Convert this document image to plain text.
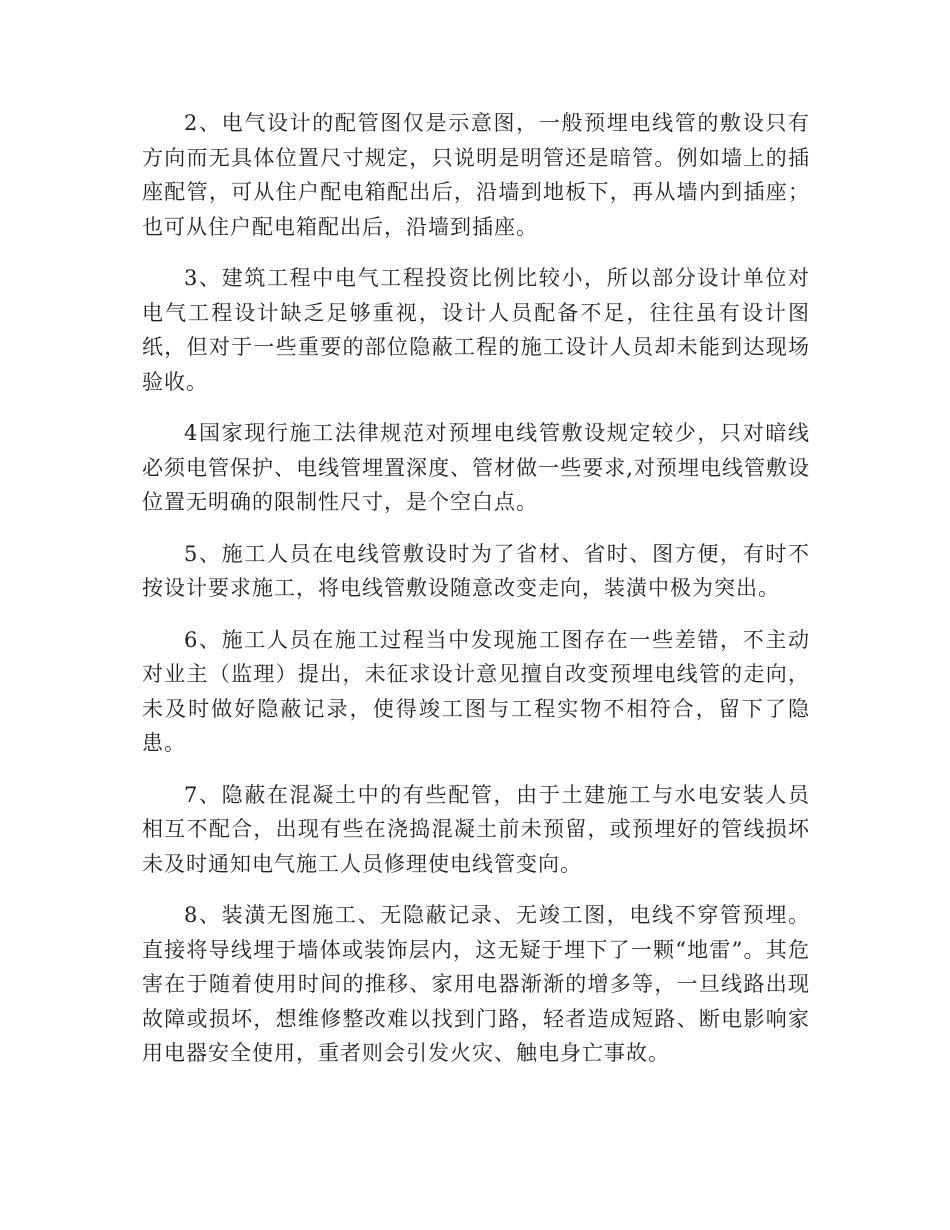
2、电气设计的配管图仅是示意图，一般预埋电线管的敷设只有方向而无具体位置尺寸规定，只说明是明管还是暗管。例如墙上的插座配管，可从住户配电箱配出后，沿墙到地板下，再从墙内到插座；也可从住户配电箱配出后，沿墙到插座。

3、建筑工程中电气工程投资比例比较小，所以部分设计单位对电气工程设计缺乏足够重视，设计人员配备不足，往往虽有设计图纸，但对于一些重要的部位隐蔽工程的施工设计人员却未能到达现场验收。

4国家现行施工法律规范对预埋电线管敷设规定较少，只对暗线必须电管保护、电线管埋置深度、管材做一些要求,对预埋电线管敷设位置无明确的限制性尺寸，是个空白点。

5、施工人员在电线管敷设时为了省材、省时、图方便，有时不按设计要求施工，将电线管敷设随意改变走向，装潢中极为突出。

6、施工人员在施工过程当中发现施工图存在一些差错，不主动对业主（监理）提出，未征求设计意见擅自改变预埋电线管的走向，未及时做好隐蔽记录，使得竣工图与工程实物不相符合，留下了隐患。

7、隐蔽在混凝土中的有些配管，由于土建施工与水电安装人员相互不配合，出现有些在浇捣混凝土前未预留，或预埋好的管线损坏未及时通知电气施工人员修理使电线管变向。

8、装潢无图施工、无隐蔽记录、无竣工图，电线不穿管预埋。直接将导线埋于墙体或装饰层内，这无疑于埋下了一颗“地雷”。其危害在于随着使用时间的推移、家用电器渐渐的增多等，一旦线路出现故障或损坏，想维修整改难以找到门路，轻者造成短路、断电影响家用电器安全使用，重者则会引发火灾、触电身亡事故。
